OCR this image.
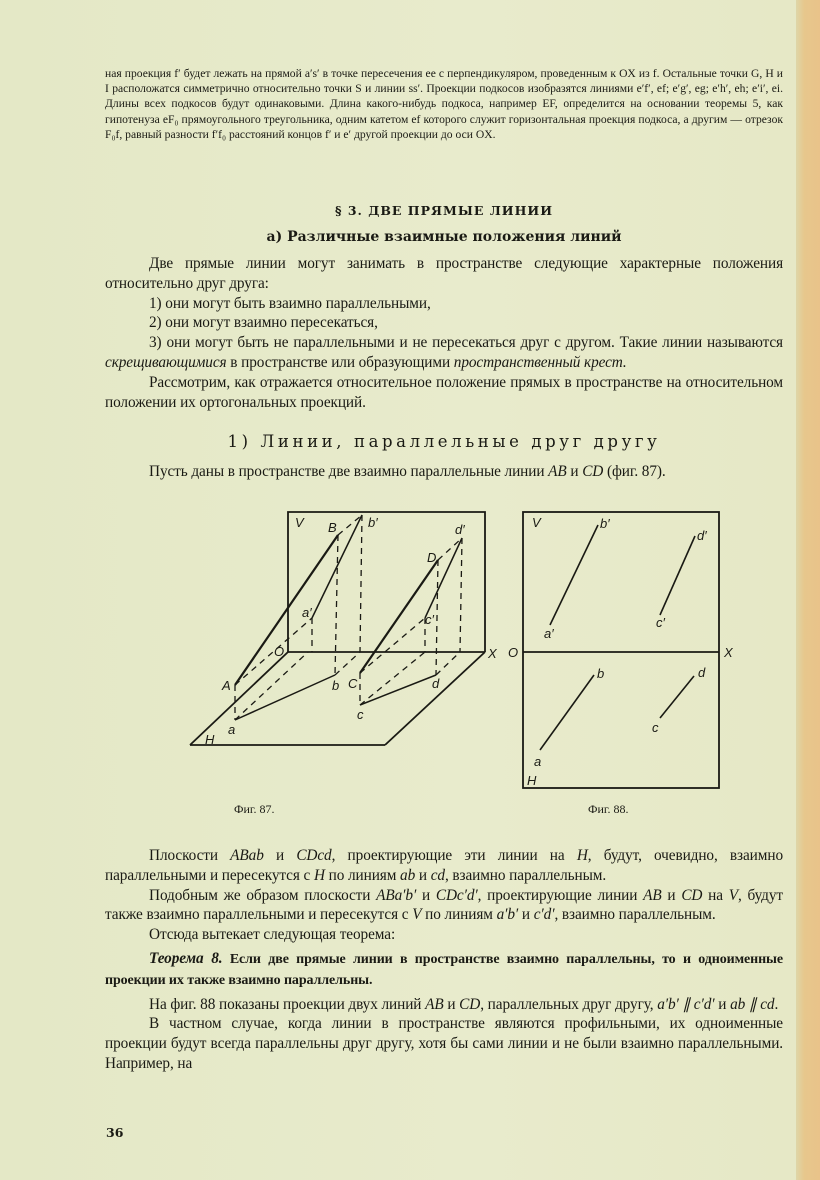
ная проекция f′ будет лежать на прямой a′s′ в точке пересечения ее с перпендикуляром, проведенным к OX из f. Остальные точки G, H и I расположатся симметрично относительно точки S и линии ss′. Проекции подкосов изобразятся линиями e′f′, ef; e′g′, eg; e′h′, eh; e′i′, ei. Длины всех подкосов будут одинаковыми. Длина какого-нибудь подкоса, например EF, определится на основании теоремы 5, как гипотенуза eF₀ прямоугольного треугольника, одним катетом ef которого служит горизонтальная проекция подкоса, а другим — отрезок F₀f, равный разности f′f₀ расстояний концов f′ и e′ другой проекции до оси OX.

§ 3. ДВЕ ПРЯМЫЕ ЛИНИИ
а) Различные взаимные положения линий

Две прямые линии могут занимать в пространстве следующие характерные положения относительно друг друга:

1) они могут быть взаимно параллельными,
2) они могут взаимно пересекаться,

3) они могут быть не параллельными и не пересекаться друг с другом. Такие линии называются скрещивающимися в пространстве или образующими пространственный крест.

Рассмотрим, как отражается относительное положение прямых в пространстве на относительном положении их ортогональных проекций.

1) Линии, параллельные друг другу

Пусть даны в пространстве две взаимно параллельные линии AB и CD (фиг. 87).

V B b′	d′
D
a′	c′
O	X
A	b C	d
c
a
H
V	b′
d′
a′
c′
O	X
b	d
c
a
H
Фиг. 87.	Фиг. 88.

Плоскости ABab и CDcd, проектирующие эти линии на H, будут, очевидно, взаимно параллельными и пересекутся с H по линиям ab и cd, взаимно параллельным.

Подобным же образом плоскости ABa′b′ и CDc′d′, проектирующие линии AB и CD на V, будут также взаимно параллельными и пересекутся с V по линиям a′b′ и c′d′, взаимно параллельным.

Отсюда вытекает следующая теорема:

Теорема 8. Если две прямые линии в пространстве взаимно параллельны, то и одноименные проекции их также взаимно параллельны.

На фиг. 88 показаны проекции двух линий AB и CD, параллельных друг другу, a′b′ ∥ c′d′ и ab ∥ cd.

В частном случае, когда линии в пространстве являются профильными, их одноименные проекции будут всегда параллельны друг другу, хотя бы сами линии и не были взаимно параллельными. Например, на

36
